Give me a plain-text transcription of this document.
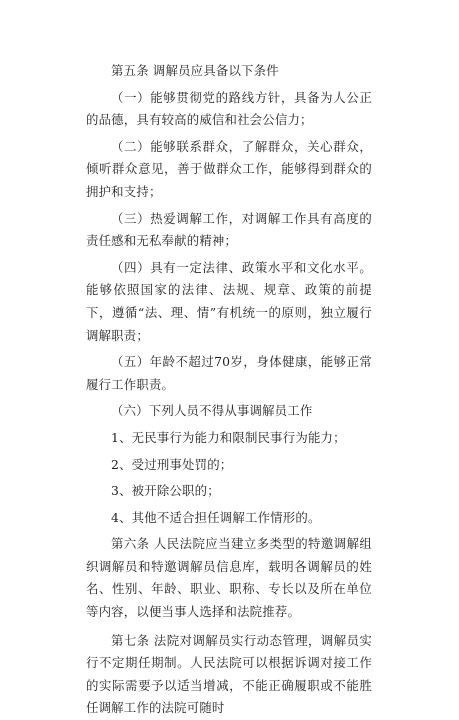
第五条 调解员应具备以下条件

（一）能够贯彻党的路线方针，具备为人公正的品德，具有较高的威信和社会公信力；

（二）能够联系群众，了解群众，关心群众，倾听群众意见，善于做群众工作，能够得到群众的拥护和支持；

（三）热爱调解工作，对调解工作具有高度的责任感和无私奉献的精神；

（四）具有一定法律、政策水平和文化水平。能够依照国家的法律、法规、规章、政策的前提下，遵循“法、理、情”有机统一的原则，独立履行调解职责；

（五）年龄不超过70岁，身体健康，能够正常履行工作职责。

（六）下列人员不得从事调解员工作

1、无民事行为能力和限制民事行为能力；

2、受过刑事处罚的；

3、被开除公职的；

4、其他不适合担任调解工作情形的。

第六条 人民法院应当建立多类型的特邀调解组织调解员和特邀调解员信息库，载明各调解员的姓名、性别、年龄、职业、职称、专长以及所在单位等内容，以便当事人选择和法院推荐。

第七条 法院对调解员实行动态管理，调解员实行不定期任期制。人民法院可以根据诉调对接工作的实际需要予以适当增减，不能正确履职或不能胜任调解工作的法院可随时
